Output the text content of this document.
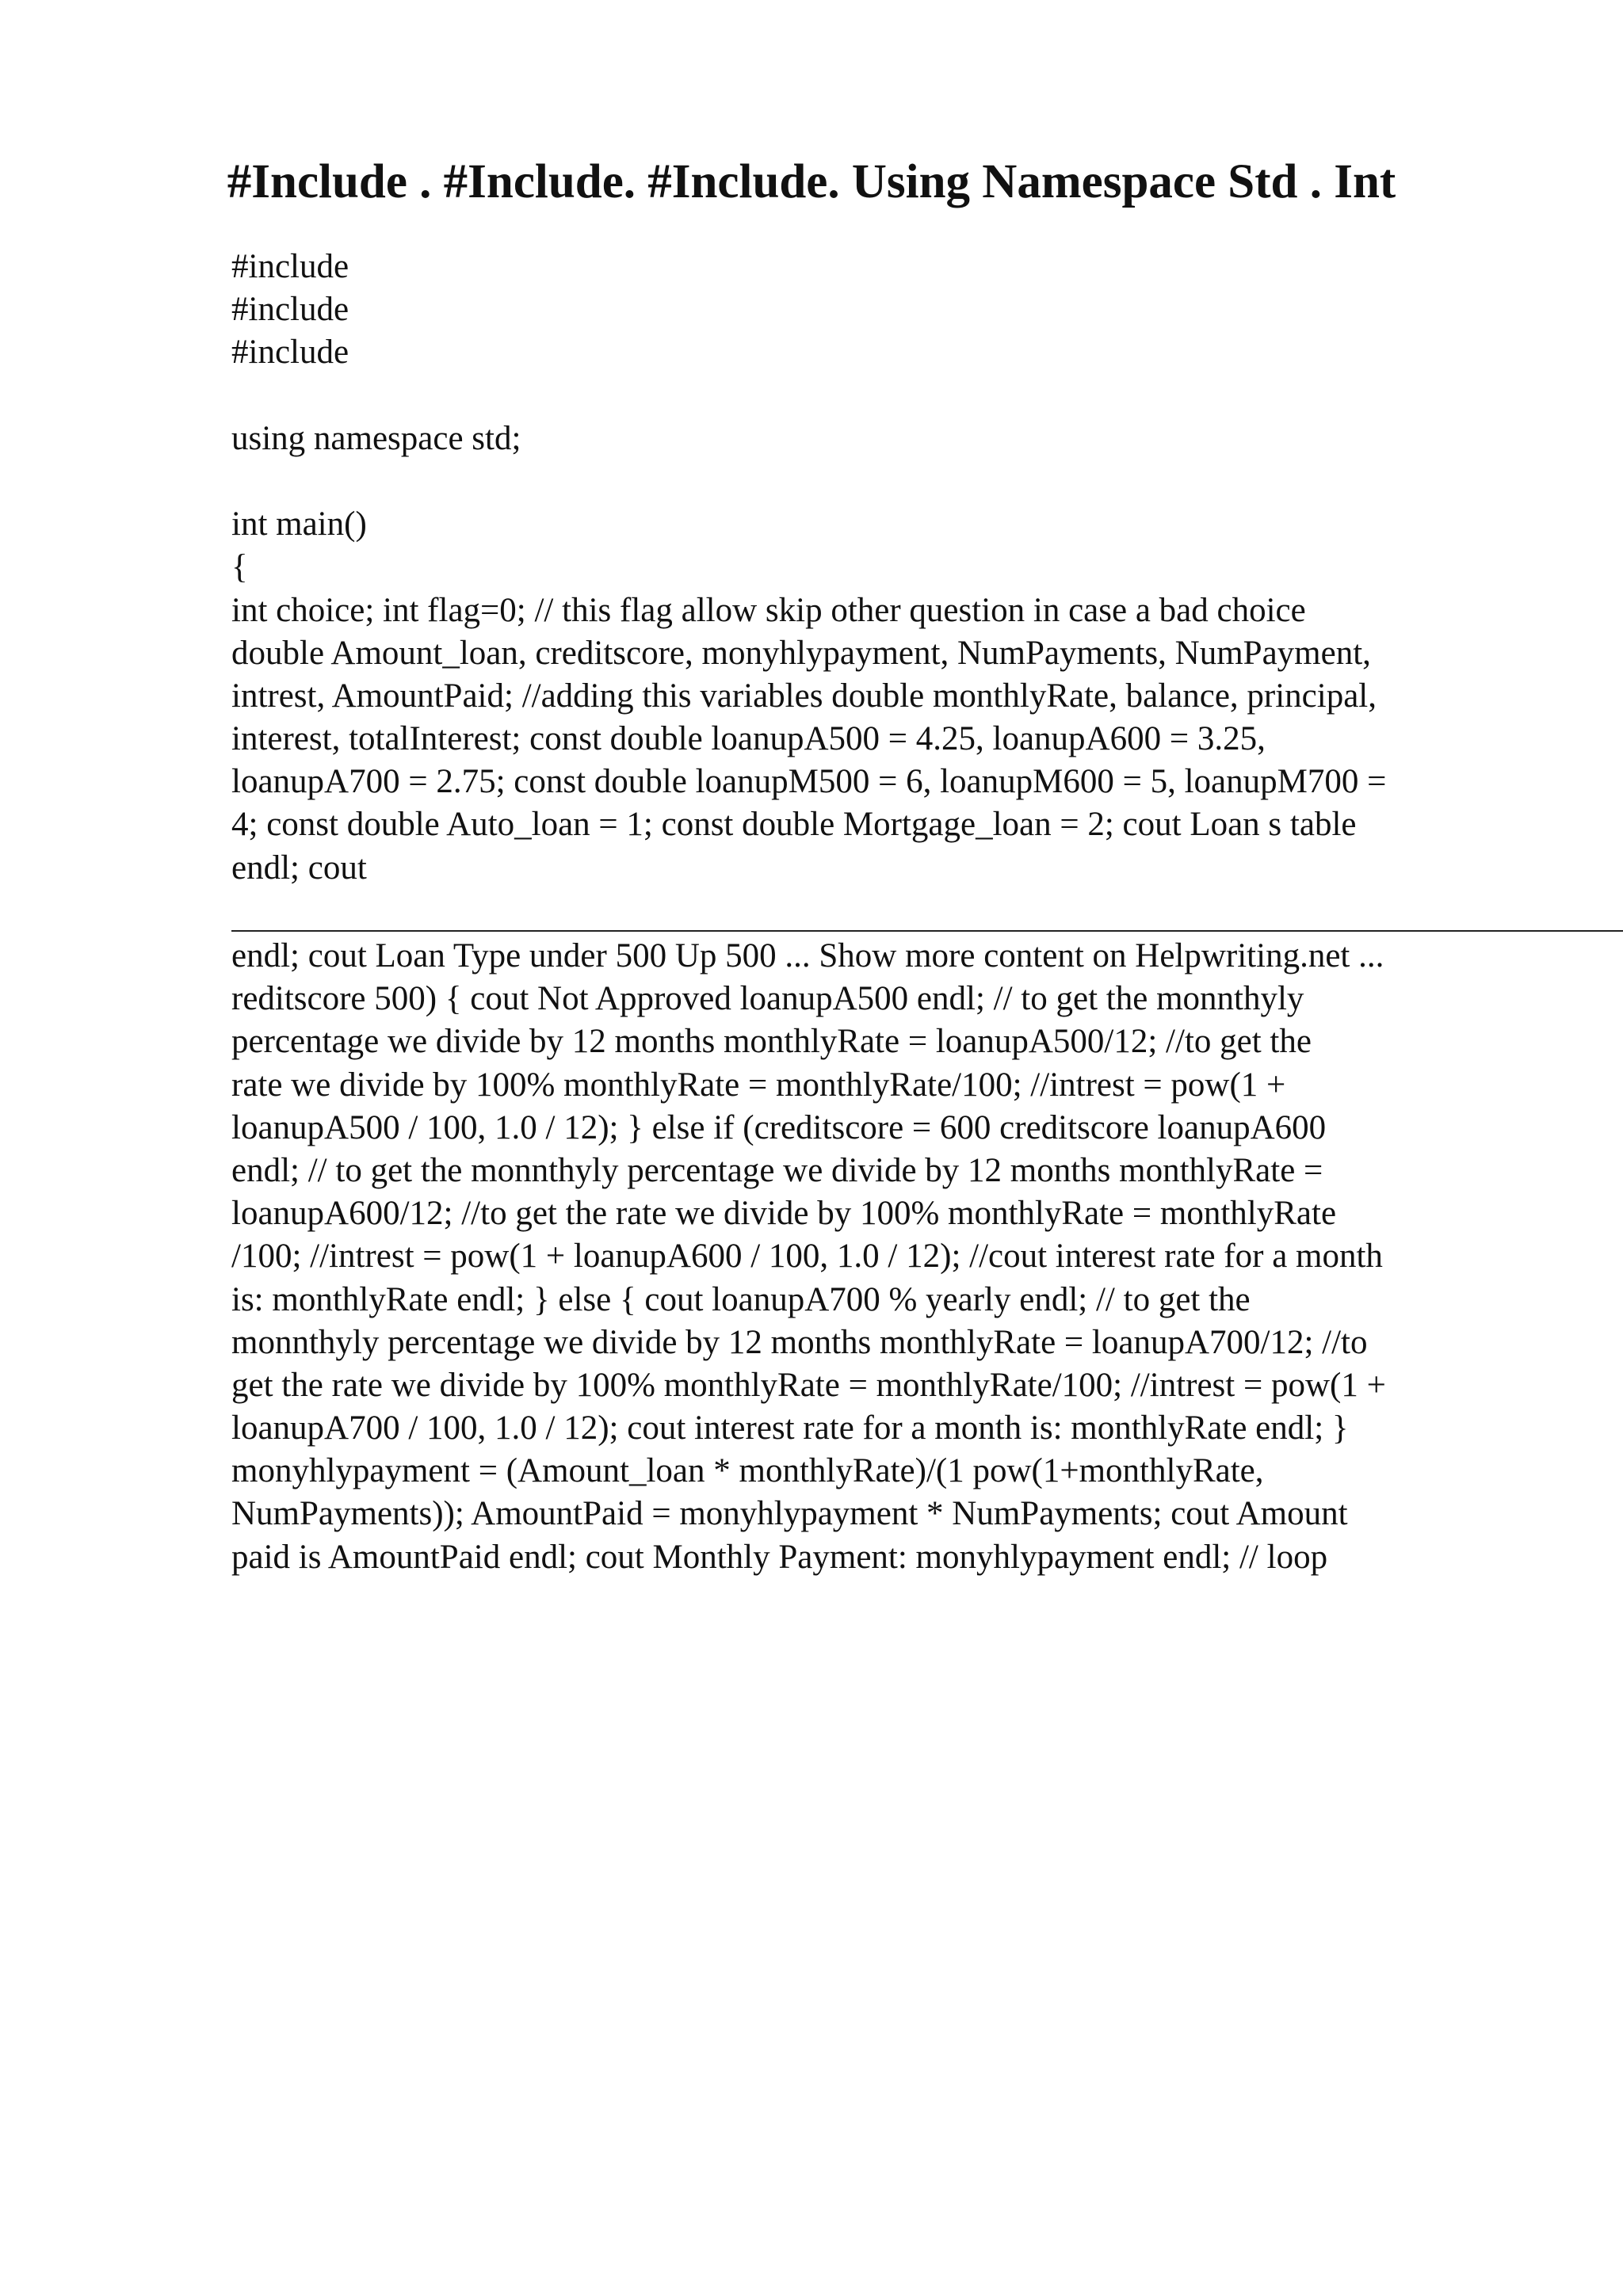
#Include . #Include. #Include. Using Namespace Std . Int
#include
#include
#include
using namespace std;
int main()
{
int choice; int flag=0; // this flag allow skip other question in case a bad choice
double Amount_loan, creditscore, monyhlypayment, NumPayments, NumPayment,
intrest, AmountPaid; //adding this variables double monthlyRate, balance, principal,
interest, totalInterest; const double loanupA500 = 4.25, loanupA600 = 3.25,
loanupA700 = 2.75; const double loanupM500 = 6, loanupM600 = 5, loanupM700 =
4; const double Auto_loan = 1; const double Mortgage_loan = 2; cout Loan s table
endl; cout
endl; cout Loan Type under 500 Up 500 ... Show more content on Helpwriting.net ...
reditscore 500) { cout Not Approved loanupA500 endl; // to get the monnthyly
percentage we divide by 12 months monthlyRate = loanupA500/12; //to get the
rate we divide by 100% monthlyRate = monthlyRate/100; //intrest = pow(1 +
loanupA500 / 100, 1.0 / 12); } else if (creditscore = 600 creditscore loanupA600
endl; // to get the monnthyly percentage we divide by 12 months monthlyRate =
loanupA600/12; //to get the rate we divide by 100% monthlyRate = monthlyRate
/100; //intrest = pow(1 + loanupA600 / 100, 1.0 / 12); //cout interest rate for a month
is: monthlyRate endl; } else { cout loanupA700 % yearly endl; // to get the
monnthyly percentage we divide by 12 months monthlyRate = loanupA700/12; //to
get the rate we divide by 100% monthlyRate = monthlyRate/100; //intrest = pow(1 +
loanupA700 / 100, 1.0 / 12); cout interest rate for a month is: monthlyRate endl; }
monyhlypayment = (Amount_loan * monthlyRate)/(1 pow(1+monthlyRate,
NumPayments)); AmountPaid = monyhlypayment * NumPayments; cout Amount
paid is AmountPaid endl; cout Monthly Payment: monyhlypayment endl; // loop
